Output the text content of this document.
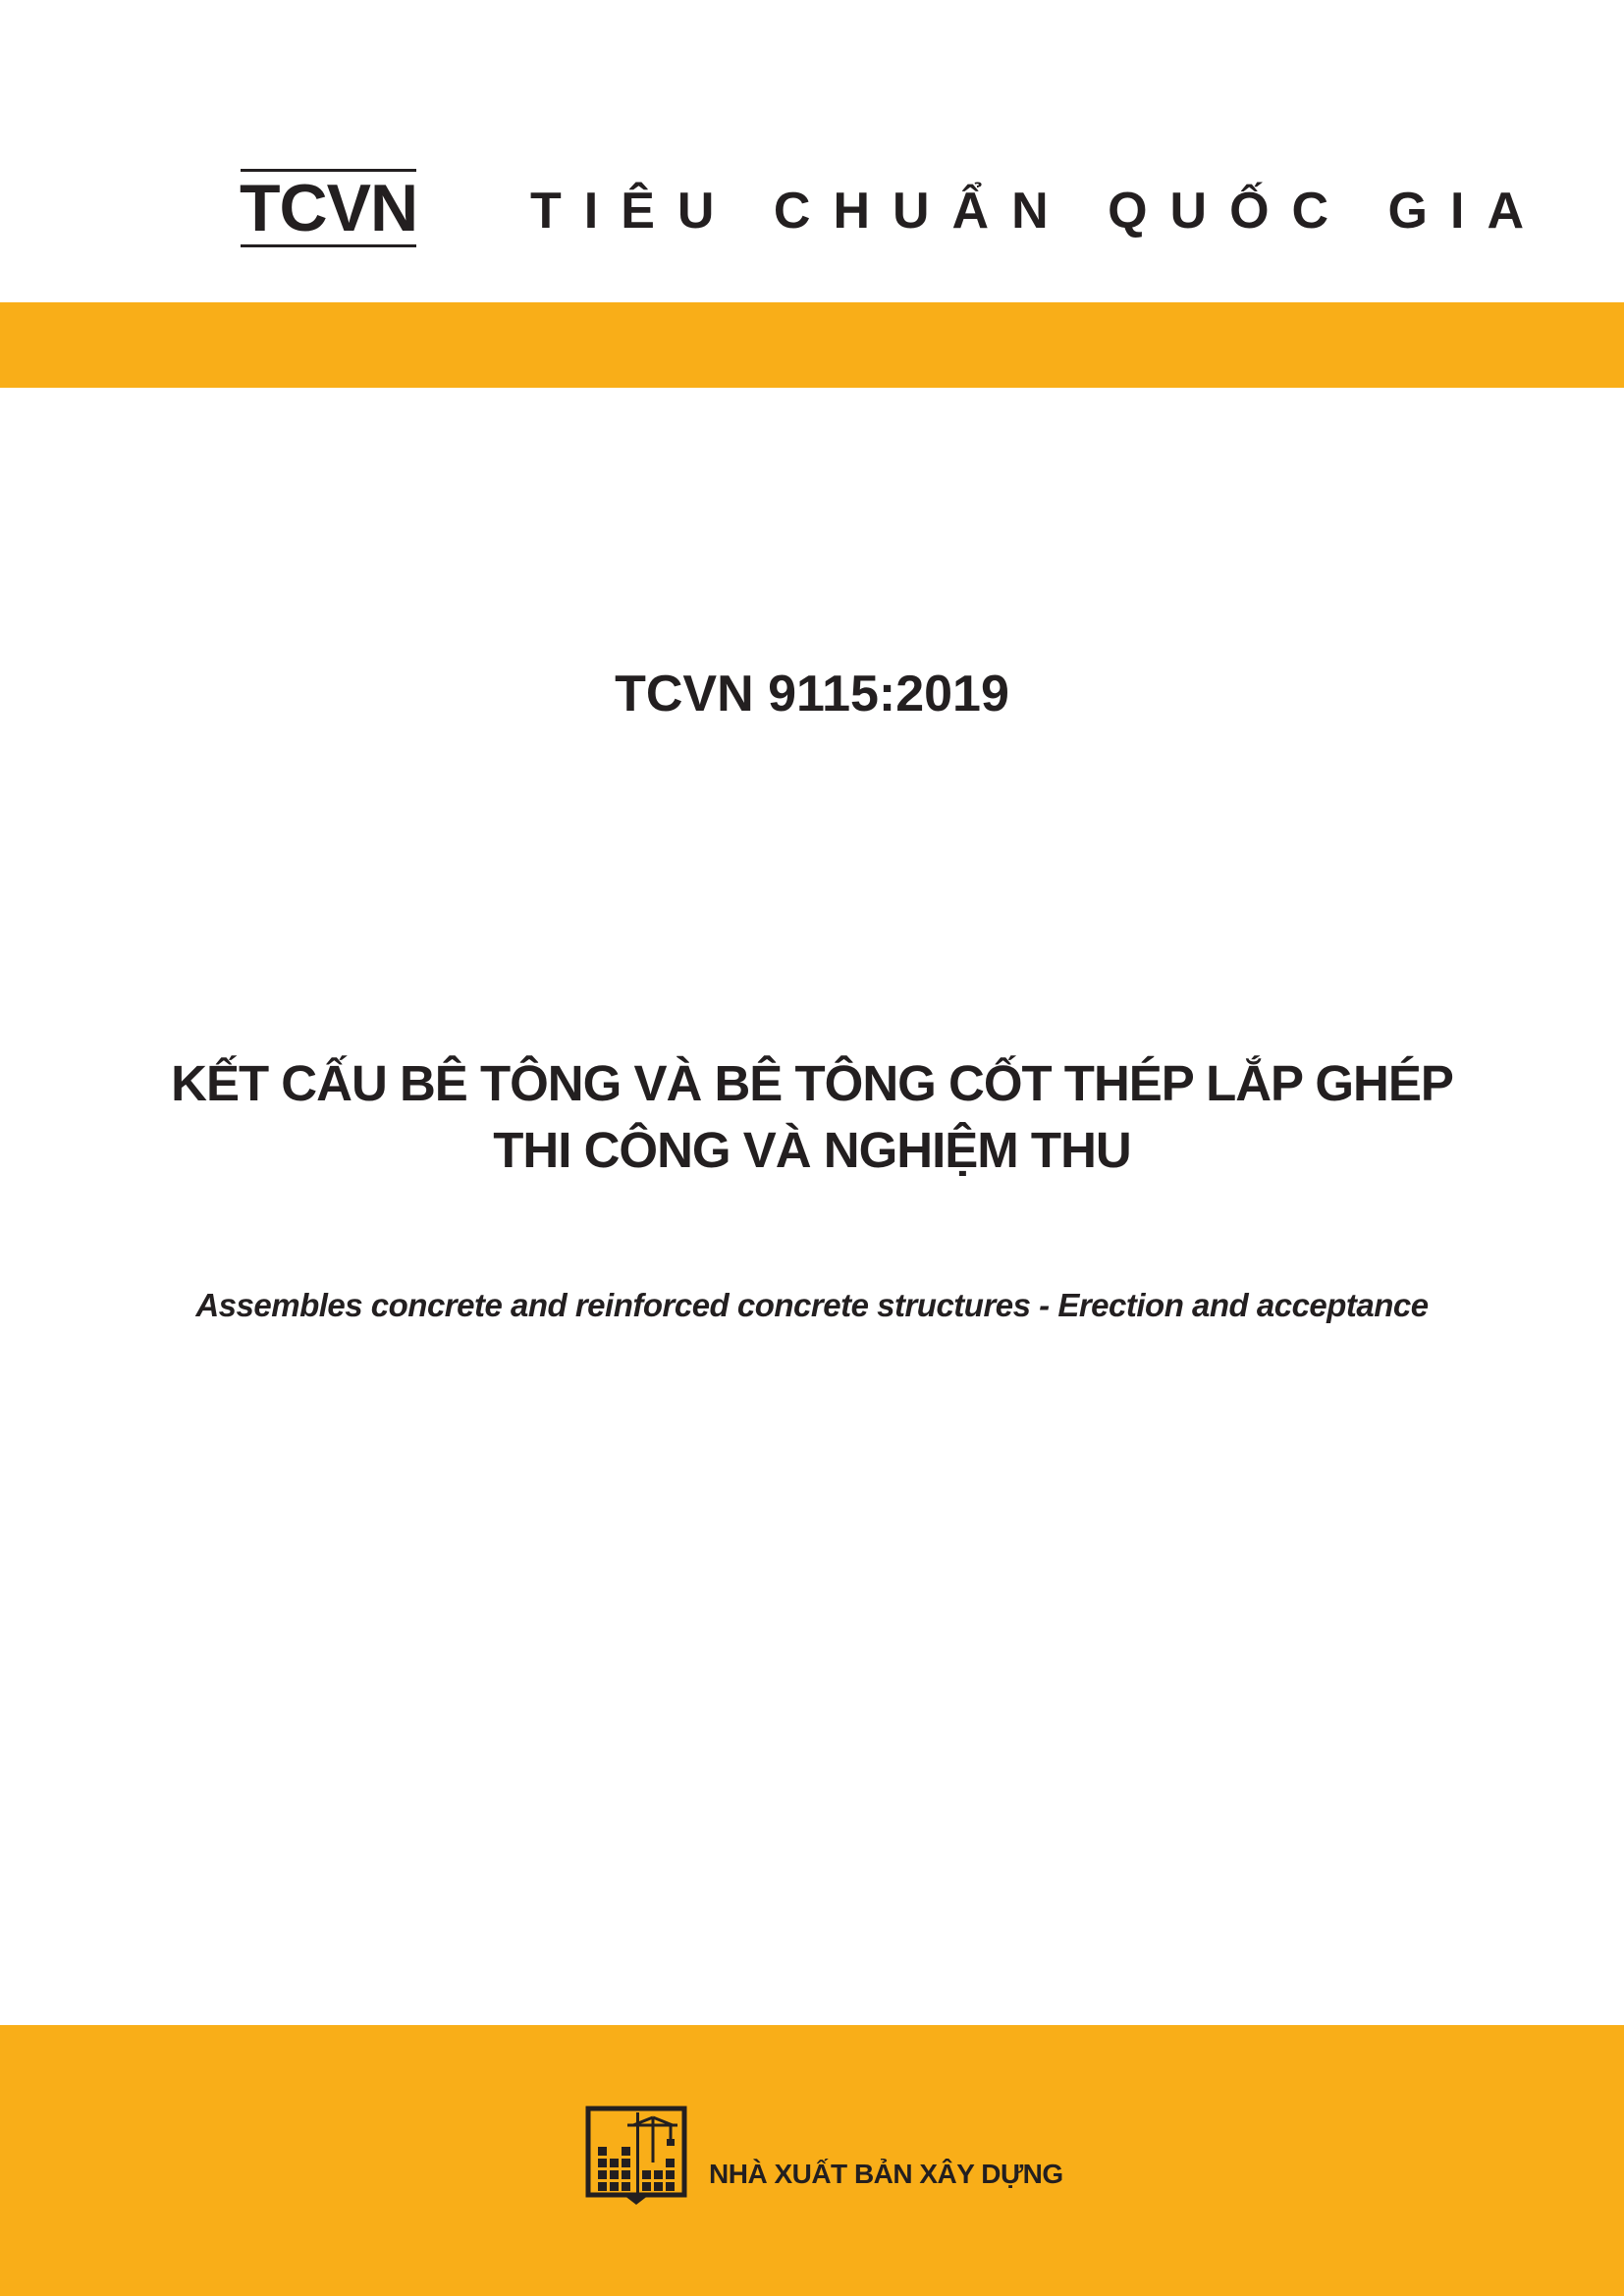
TCVN TIÊU CHUẨN QUỐC GIA
TCVN 9115:2019
KẾT CẤU BÊ TÔNG VÀ BÊ TÔNG CỐT THÉP LẮP GHÉP
THI CÔNG VÀ NGHIỆM THU
Assembles concrete and reinforced concrete structures - Erection and acceptance
NHÀ XUẤT BẢN XÂY DỰNG
